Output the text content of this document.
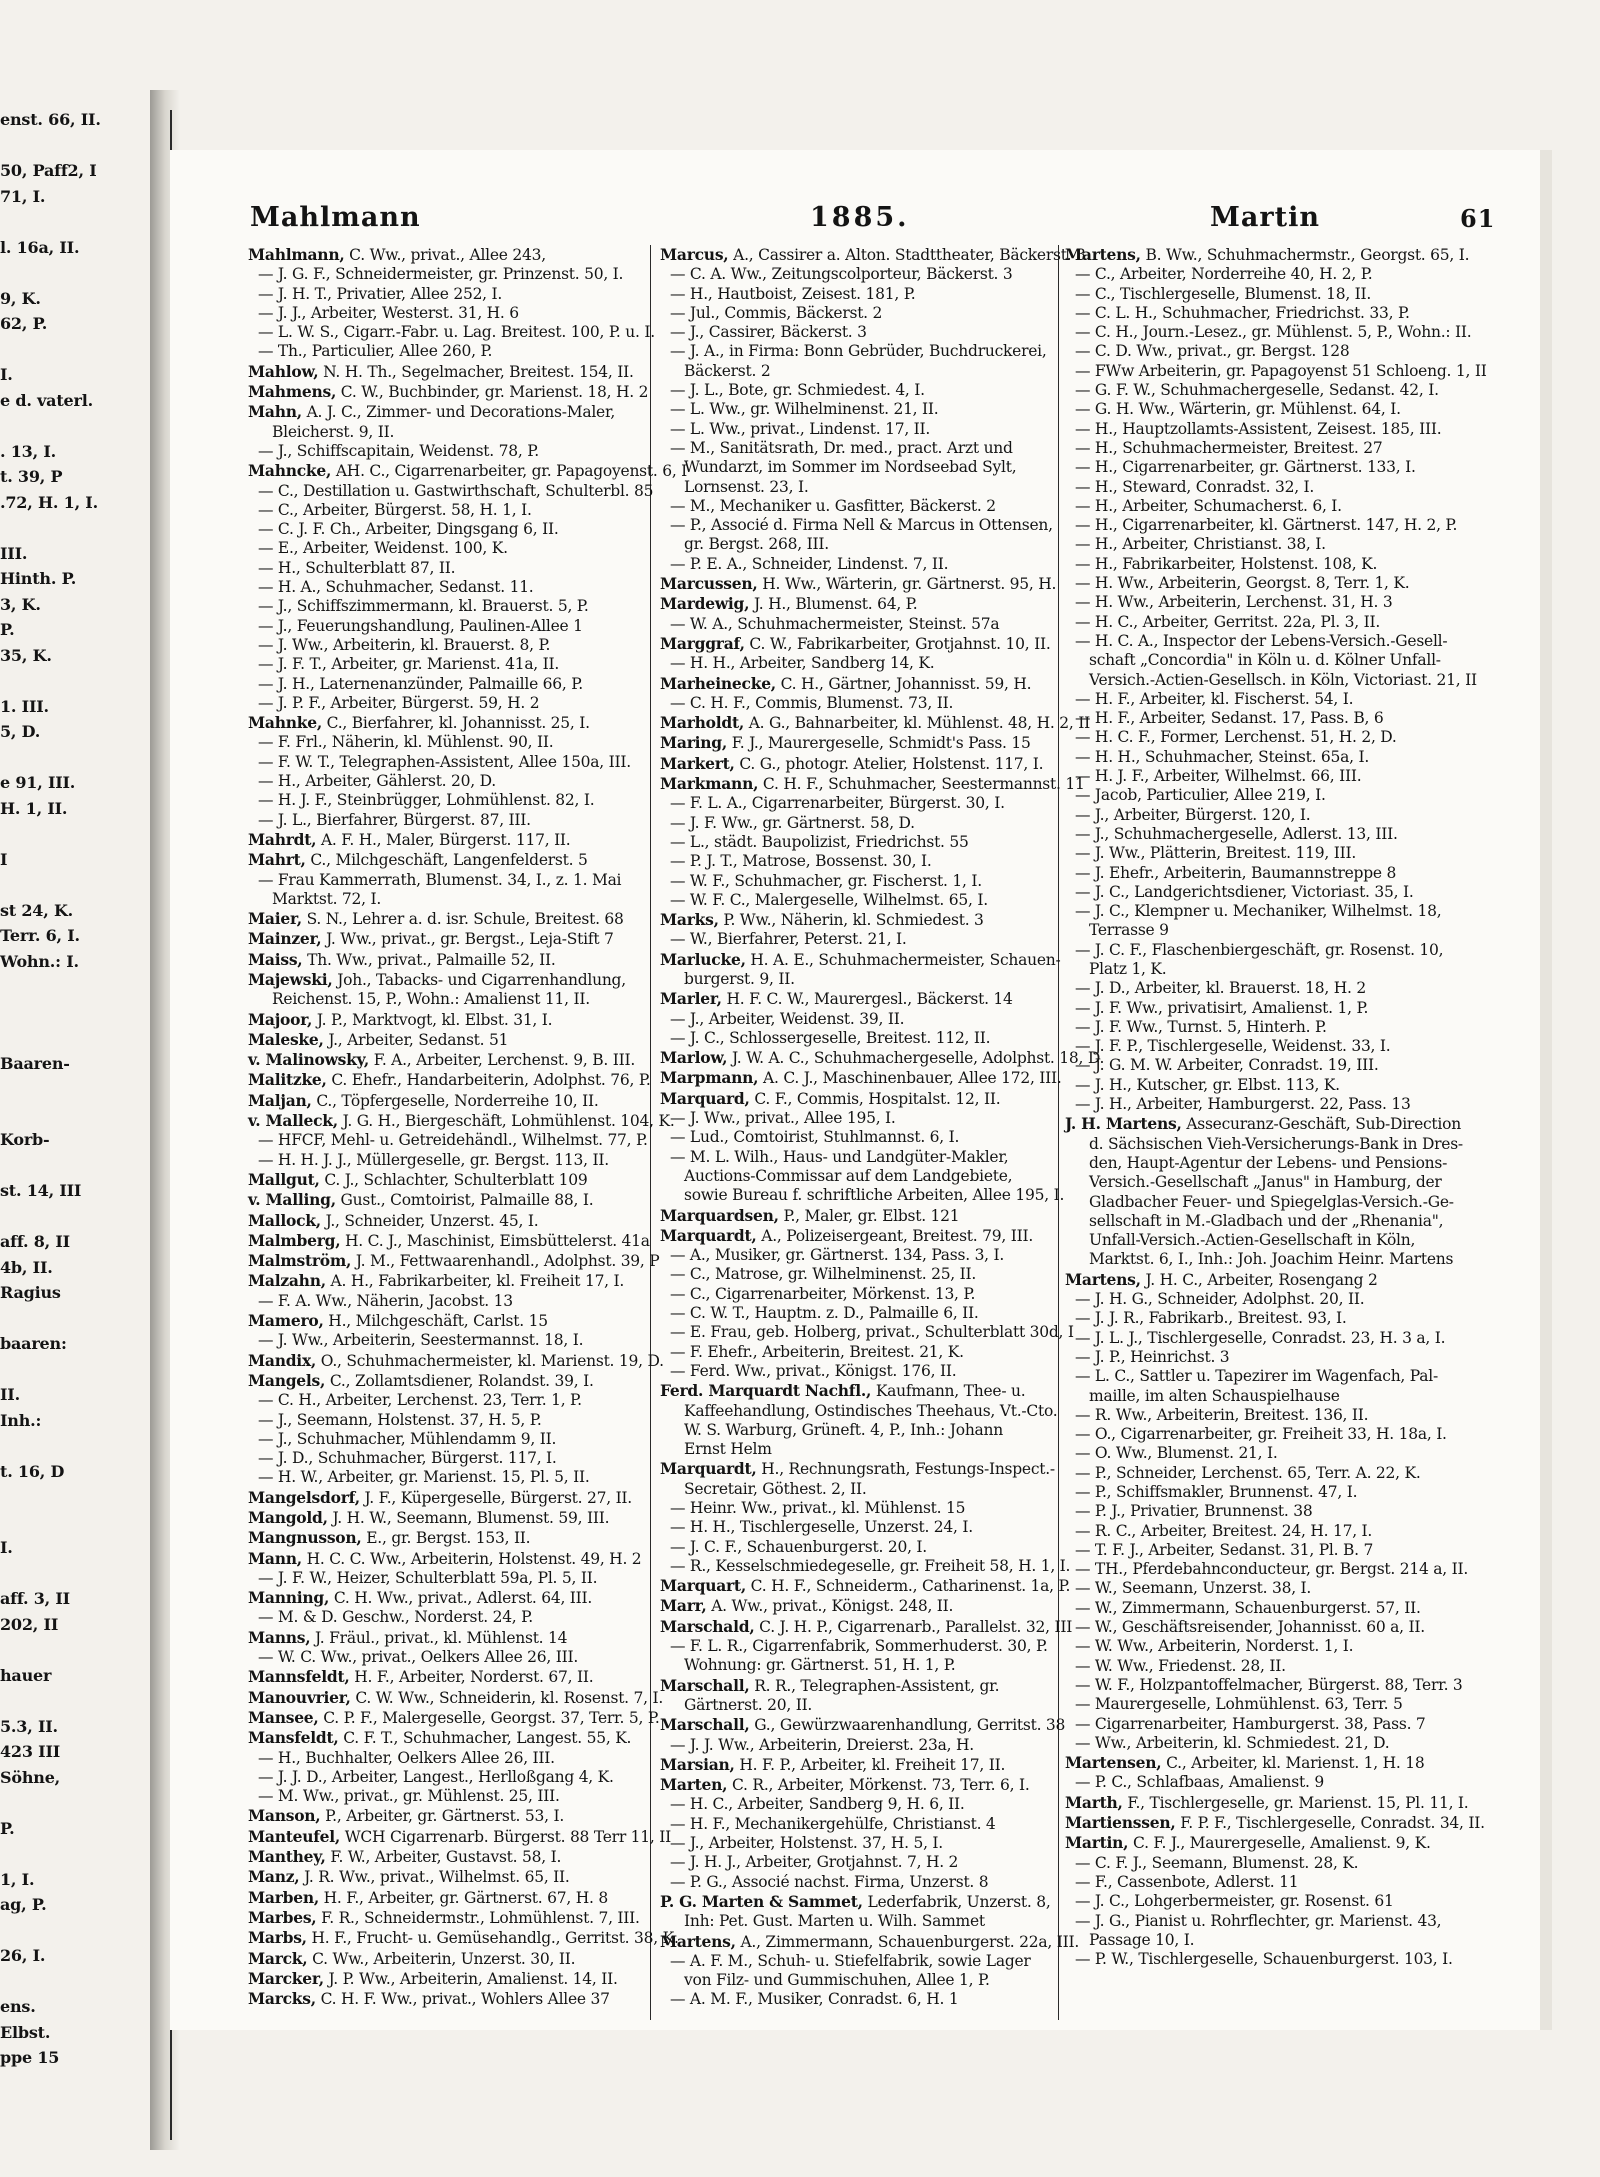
enst. 66, II.
50, Paff2, I
71, I.
l. 16a, II.
9, K.
62, P.
I.
e d. vaterl.
. 13, I.
t. 39, P
.72, H. 1, I.
III.
Hinth. P.
3, K.
P.
35, K.
1. III.
5, D.
e 91, III.
H. 1, II.
I
st 24, K.
Terr. 6, I.
Wohn.: I.
Baaren-
Korb-
st. 14, III
aff. 8, II
4b, II.
Ragius
baaren:
II.
Inh.:
t. 16, D
I.
aff. 3, II
202, II
hauer
5.3, II.
423 III
Söhne,
P.
1, I.
ag, P.
26, I.
ens.
Elbst.
ppe 15
Mahlmann	1885.	Martin	61

Mahlmann, C. Ww., privat., Allee 243,

— J. G. F., Schneidermeister, gr. Prinzenst. 50, I.

— J. H. T., Privatier, Allee 252, I.

— J. J., Arbeiter, Westerst. 31, H. 6

— L. W. S., Cigarr.-Fabr. u. Lag. Breitest. 100, P. u. I.

— Th., Particulier, Allee 260, P.

Mahlow, N. H. Th., Segelmacher, Breitest. 154, II.

Mahmens, C. W., Buchbinder, gr. Marienst. 18, H. 2

Mahn, A. J. C., Zimmer- und Decorations-Maler,

Bleicherst. 9, II.

— J., Schiffscapitain, Weidenst. 78, P.

Mahncke, AH. C., Cigarrenarbeiter, gr. Papagoyenst. 6, I

— C., Destillation u. Gastwirthschaft, Schulterbl. 85

— C., Arbeiter, Bürgerst. 58, H. 1, I.

— C. J. F. Ch., Arbeiter, Dingsgang 6, II.

— E., Arbeiter, Weidenst. 100, K.

— H., Schulterblatt 87, II.

— H. A., Schuhmacher, Sedanst. 11.

— J., Schiffszimmermann, kl. Brauerst. 5, P.

— J., Feuerungshandlung, Paulinen-Allee 1

— J. Ww., Arbeiterin, kl. Brauerst. 8, P.

— J. F. T., Arbeiter, gr. Marienst. 41a, II.

— J. H., Laternenanzünder, Palmaille 66, P.

— J. P. F., Arbeiter, Bürgerst. 59, H. 2

Mahnke, C., Bierfahrer, kl. Johannisst. 25, I.

— F. Frl., Näherin, kl. Mühlenst. 90, II.

— F. W. T., Telegraphen-Assistent, Allee 150a, III.

— H., Arbeiter, Gählerst. 20, D.

— H. J. F., Steinbrügger, Lohmühlenst. 82, I.

— J. L., Bierfahrer, Bürgerst. 87, III.

Mahrdt, A. F. H., Maler, Bürgerst. 117, II.

Mahrt, C., Milchgeschäft, Langenfelderst. 5

— Frau Kammerrath, Blumenst. 34, I., z. 1. Mai

Marktst. 72, I.

Maier, S. N., Lehrer a. d. isr. Schule, Breitest. 68

Mainzer, J. Ww., privat., gr. Bergst., Leja-Stift 7

Maiss, Th. Ww., privat., Palmaille 52, II.

Majewski, Joh., Tabacks- und Cigarrenhandlung,

Reichenst. 15, P., Wohn.: Amalienst 11, II.

Majoor, J. P., Marktvogt, kl. Elbst. 31, I.

Maleske, J., Arbeiter, Sedanst. 51

v. Malinowsky, F. A., Arbeiter, Lerchenst. 9, B. III.

Malitzke, C. Ehefr., Handarbeiterin, Adolphst. 76, P.

Maljan, C., Töpfergeselle, Norderreihe 10, II.

v. Malleck, J. G. H., Biergeschäft, Lohmühlenst. 104, K.

— HFCF, Mehl- u. Getreidehändl., Wilhelmst. 77, P.

— H. H. J. J., Müllergeselle, gr. Bergst. 113, II.

Mallgut, C. J., Schlachter, Schulterblatt 109

v. Malling, Gust., Comtoirist, Palmaille 88, I.

Mallock, J., Schneider, Unzerst. 45, I.

Malmberg, H. C. J., Maschinist, Eimsbüttelerst. 41a

Malmström, J. M., Fettwaarenhandl., Adolphst. 39, P

Malzahn, A. H., Fabrikarbeiter, kl. Freiheit 17, I.

— F. A. Ww., Näherin, Jacobst. 13

Mamero, H., Milchgeschäft, Carlst. 15

— J. Ww., Arbeiterin, Seestermannst. 18, I.

Mandix, O., Schuhmachermeister, kl. Marienst. 19, D.

Mangels, C., Zollamtsdiener, Rolandst. 39, I.

— C. H., Arbeiter, Lerchenst. 23, Terr. 1, P.

— J., Seemann, Holstenst. 37, H. 5, P.

— J., Schuhmacher, Mühlendamm 9, II.

— J. D., Schuhmacher, Bürgerst. 117, I.

— H. W., Arbeiter, gr. Marienst. 15, Pl. 5, II.

Mangelsdorf, J. F., Küpergeselle, Bürgerst. 27, II.

Mangold, J. H. W., Seemann, Blumenst. 59, III.

Mangnusson, E., gr. Bergst. 153, II.

Mann, H. C. C. Ww., Arbeiterin, Holstenst. 49, H. 2

— J. F. W., Heizer, Schulterblatt 59a, Pl. 5, II.

Manning, C. H. Ww., privat., Adlerst. 64, III.

— M. & D. Geschw., Norderst. 24, P.

Manns, J. Fräul., privat., kl. Mühlenst. 14

— W. C. Ww., privat., Oelkers Allee 26, III.

Mannsfeldt, H. F., Arbeiter, Norderst. 67, II.

Manouvrier, C. W. Ww., Schneiderin, kl. Rosenst. 7, I.

Mansee, C. P. F., Malergeselle, Georgst. 37, Terr. 5, P.

Mansfeldt, C. F. T., Schuhmacher, Langest. 55, K.

— H., Buchhalter, Oelkers Allee 26, III.

— J. J. D., Arbeiter, Langest., Herlloßgang 4, K.

— M. Ww., privat., gr. Mühlenst. 25, III.

Manson, P., Arbeiter, gr. Gärtnerst. 53, I.

Manteufel, WCH Cigarrenarb. Bürgerst. 88 Terr 11, II

Manthey, F. W., Arbeiter, Gustavst. 58, I.

Manz, J. R. Ww., privat., Wilhelmst. 65, II.

Marben, H. F., Arbeiter, gr. Gärtnerst. 67, H. 8

Marbes, F. R., Schneidermstr., Lohmühlenst. 7, III.

Marbs, H. F., Frucht- u. Gemüsehandlg., Gerritst. 38, K.

Marck, C. Ww., Arbeiterin, Unzerst. 30, II.

Marcker, J. P. Ww., Arbeiterin, Amalienst. 14, II.

Marcks, C. H. F. Ww., privat., Wohlers Allee 37

Marcus, A., Cassirer a. Alton. Stadttheater, Bäckerst. 3

— C. A. Ww., Zeitungscolporteur, Bäckerst. 3

— H., Hautboist, Zeisest. 181, P.

— Jul., Commis, Bäckerst. 2

— J., Cassirer, Bäckerst. 3

— J. A., in Firma: Bonn Gebrüder, Buchdruckerei,

Bäckerst. 2

— J. L., Bote, gr. Schmiedest. 4, I.

— L. Ww., gr. Wilhelminenst. 21, II.

— L. Ww., privat., Lindenst. 17, II.

— M., Sanitätsrath, Dr. med., pract. Arzt und

Wundarzt, im Sommer im Nordseebad Sylt,

Lornsenst. 23, I.

— M., Mechaniker u. Gasfitter, Bäckerst. 2

— P., Associé d. Firma Nell & Marcus in Ottensen,

gr. Bergst. 268, III.

— P. E. A., Schneider, Lindenst. 7, II.

Marcussen, H. Ww., Wärterin, gr. Gärtnerst. 95, H.

Mardewig, J. H., Blumenst. 64, P.

— W. A., Schuhmachermeister, Steinst. 57a

Marggraf, C. W., Fabrikarbeiter, Grotjahnst. 10, II.

— H. H., Arbeiter, Sandberg 14, K.

Marheinecke, C. H., Gärtner, Johannisst. 59, H.

— C. H. F., Commis, Blumenst. 73, II.

Marholdt, A. G., Bahnarbeiter, kl. Mühlenst. 48, H. 2, II

Maring, F. J., Maurergeselle, Schmidt's Pass. 15

Markert, C. G., photogr. Atelier, Holstenst. 117, I.

Markmann, C. H. F., Schuhmacher, Seestermannst. 11

— F. L. A., Cigarrenarbeiter, Bürgerst. 30, I.

— J. F. Ww., gr. Gärtnerst. 58, D.

— L., städt. Baupolizist, Friedrichst. 55

— P. J. T., Matrose, Bossenst. 30, I.

— W. F., Schuhmacher, gr. Fischerst. 1, I.

— W. F. C., Malergeselle, Wilhelmst. 65, I.

Marks, P. Ww., Näherin, kl. Schmiedest. 3

— W., Bierfahrer, Peterst. 21, I.

Marlucke, H. A. E., Schuhmachermeister, Schauen-

burgerst. 9, II.

Marler, H. F. C. W., Maurergesl., Bäckerst. 14

— J., Arbeiter, Weidenst. 39, II.

— J. C., Schlossergeselle, Breitest. 112, II.

Marlow, J. W. A. C., Schuhmachergeselle, Adolphst. 18, D.

Marpmann, A. C. J., Maschinenbauer, Allee 172, III.

Marquard, C. F., Commis, Hospitalst. 12, II.

— J. Ww., privat., Allee 195, I.

— Lud., Comtoirist, Stuhlmannst. 6, I.

— M. L. Wilh., Haus- und Landgüter-Makler,

Auctions-Commissar auf dem Landgebiete,

sowie Bureau f. schriftliche Arbeiten, Allee 195, I.

Marquardsen, P., Maler, gr. Elbst. 121

Marquardt, A., Polizeisergeant, Breitest. 79, III.

— A., Musiker, gr. Gärtnerst. 134, Pass. 3, I.

— C., Matrose, gr. Wilhelminenst. 25, II.

— C., Cigarrenarbeiter, Mörkenst. 13, P.

— C. W. T., Hauptm. z. D., Palmaille 6, II.

— E. Frau, geb. Holberg, privat., Schulterblatt 30d, I

— F. Ehefr., Arbeiterin, Breitest. 21, K.

— Ferd. Ww., privat., Königst. 176, II.

Ferd. Marquardt Nachfl., Kaufmann, Thee- u.

Kaffeehandlung, Ostindisches Theehaus, Vt.-Cto.

W. S. Warburg, Grüneft. 4, P., Inh.: Johann

Ernst Helm

Marquardt, H., Rechnungsrath, Festungs-Inspect.-

Secretair, Göthest. 2, II.

— Heinr. Ww., privat., kl. Mühlenst. 15

— H. H., Tischlergeselle, Unzerst. 24, I.

— J. C. F., Schauenburgerst. 20, I.

— R., Kesselschmiedegeselle, gr. Freiheit 58, H. 1, I.

Marquart, C. H. F., Schneiderm., Catharinenst. 1a, P.

Marr, A. Ww., privat., Königst. 248, II.

Marschald, C. J. H. P., Cigarrenarb., Parallelst. 32, III

— F. L. R., Cigarrenfabrik, Sommerhuderst. 30, P.

Wohnung: gr. Gärtnerst. 51, H. 1, P.

Marschall, R. R., Telegraphen-Assistent, gr.

Gärtnerst. 20, II.

Marschall, G., Gewürzwaarenhandlung, Gerritst. 38

— J. J. Ww., Arbeiterin, Dreierst. 23a, H.

Marsian, H. F. P., Arbeiter, kl. Freiheit 17, II.

Marten, C. R., Arbeiter, Mörkenst. 73, Terr. 6, I.

— H. C., Arbeiter, Sandberg 9, H. 6, II.

— H. F., Mechanikergehülfe, Christianst. 4

— J., Arbeiter, Holstenst. 37, H. 5, I.

— J. H. J., Arbeiter, Grotjahnst. 7, H. 2

— P. G., Associé nachst. Firma, Unzerst. 8

P. G. Marten & Sammet, Lederfabrik, Unzerst. 8,

Inh: Pet. Gust. Marten u. Wilh. Sammet

Martens, A., Zimmermann, Schauenburgerst. 22a, III.

— A. F. M., Schuh- u. Stiefelfabrik, sowie Lager

von Filz- und Gummischuhen, Allee 1, P.

— A. M. F., Musiker, Conradst. 6, H. 1

Martens, B. Ww., Schuhmachermstr., Georgst. 65, I.

— C., Arbeiter, Norderreihe 40, H. 2, P.

— C., Tischlergeselle, Blumenst. 18, II.

— C. L. H., Schuhmacher, Friedrichst. 33, P.

— C. H., Journ.-Lesez., gr. Mühlenst. 5, P., Wohn.: II.

— C. D. Ww., privat., gr. Bergst. 128

— FWw Arbeiterin, gr. Papagoyenst 51 Schloeng. 1, II

— G. F. W., Schuhmachergeselle, Sedanst. 42, I.

— G. H. Ww., Wärterin, gr. Mühlenst. 64, I.

— H., Hauptzollamts-Assistent, Zeisest. 185, III.

— H., Schuhmachermeister, Breitest. 27

— H., Cigarrenarbeiter, gr. Gärtnerst. 133, I.

— H., Steward, Conradst. 32, I.

— H., Arbeiter, Schumacherst. 6, I.

— H., Cigarrenarbeiter, kl. Gärtnerst. 147, H. 2, P.

— H., Arbeiter, Christianst. 38, I.

— H., Fabrikarbeiter, Holstenst. 108, K.

— H. Ww., Arbeiterin, Georgst. 8, Terr. 1, K.

— H. Ww., Arbeiterin, Lerchenst. 31, H. 3

— H. C., Arbeiter, Gerritst. 22a, Pl. 3, II.

— H. C. A., Inspector der Lebens-Versich.-Gesell-

schaft „Concordia" in Köln u. d. Kölner Unfall-

Versich.-Actien-Gesellsch. in Köln, Victoriast. 21, II

— H. F., Arbeiter, kl. Fischerst. 54, I.

— H. F., Arbeiter, Sedanst. 17, Pass. B, 6

— H. C. F., Former, Lerchenst. 51, H. 2, D.

— H. H., Schuhmacher, Steinst. 65a, I.

— H. J. F., Arbeiter, Wilhelmst. 66, III.

— Jacob, Particulier, Allee 219, I.

— J., Arbeiter, Bürgerst. 120, I.

— J., Schuhmachergeselle, Adlerst. 13, III.

— J. Ww., Plätterin, Breitest. 119, III.

— J. Ehefr., Arbeiterin, Baumannstreppe 8

— J. C., Landgerichtsdiener, Victoriast. 35, I.

— J. C., Klempner u. Mechaniker, Wilhelmst. 18,

Terrasse 9

— J. C. F., Flaschenbiergeschäft, gr. Rosenst. 10,

Platz 1, K.

— J. D., Arbeiter, kl. Brauerst. 18, H. 2

— J. F. Ww., privatisirt, Amalienst. 1, P.

— J. F. Ww., Turnst. 5, Hinterh. P.

— J. F. P., Tischlergeselle, Weidenst. 33, I.

— J. G. M. W. Arbeiter, Conradst. 19, III.

— J. H., Kutscher, gr. Elbst. 113, K.

— J. H., Arbeiter, Hamburgerst. 22, Pass. 13

J. H. Martens, Assecuranz-Geschäft, Sub-Direction

d. Sächsischen Vieh-Versicherungs-Bank in Dres-

den, Haupt-Agentur der Lebens- und Pensions-

Versich.-Gesellschaft „Janus" in Hamburg, der

Gladbacher Feuer- und Spiegelglas-Versich.-Ge-

sellschaft in M.-Gladbach und der „Rhenania",

Unfall-Versich.-Actien-Gesellschaft in Köln,

Marktst. 6, I., Inh.: Joh. Joachim Heinr. Martens

Martens, J. H. C., Arbeiter, Rosengang 2

— J. H. G., Schneider, Adolphst. 20, II.

— J. J. R., Fabrikarb., Breitest. 93, I.

— J. L. J., Tischlergeselle, Conradst. 23, H. 3 a, I.

— J. P., Heinrichst. 3

— L. C., Sattler u. Tapezirer im Wagenfach, Pal-

maille, im alten Schauspielhause

— R. Ww., Arbeiterin, Breitest. 136, II.

— O., Cigarrenarbeiter, gr. Freiheit 33, H. 18a, I.

— O. Ww., Blumenst. 21, I.

— P., Schneider, Lerchenst. 65, Terr. A. 22, K.

— P., Schiffsmakler, Brunnenst. 47, I.

— P. J., Privatier, Brunnenst. 38

— R. C., Arbeiter, Breitest. 24, H. 17, I.

— T. F. J., Arbeiter, Sedanst. 31, Pl. B. 7

— TH., Pferdebahnconducteur, gr. Bergst. 214 a, II.

— W., Seemann, Unzerst. 38, I.

— W., Zimmermann, Schauenburgerst. 57, II.

— W., Geschäftsreisender, Johannisst. 60 a, II.

— W. Ww., Arbeiterin, Norderst. 1, I.

— W. Ww., Friedenst. 28, II.

— W. F., Holzpantoffelmacher, Bürgerst. 88, Terr. 3

— Maurergeselle, Lohmühlenst. 63, Terr. 5

— Cigarrenarbeiter, Hamburgerst. 38, Pass. 7

— Ww., Arbeiterin, kl. Schmiedest. 21, D.

Martensen, C., Arbeiter, kl. Marienst. 1, H. 18

— P. C., Schlafbaas, Amalienst. 9

Marth, F., Tischlergeselle, gr. Marienst. 15, Pl. 11, I.

Martienssen, F. P. F., Tischlergeselle, Conradst. 34, II.

Martin, C. F. J., Maurergeselle, Amalienst. 9, K.

— C. F. J., Seemann, Blumenst. 28, K.

— F., Cassenbote, Adlerst. 11

— J. C., Lohgerbermeister, gr. Rosenst. 61

— J. G., Pianist u. Rohrflechter, gr. Marienst. 43,

Passage 10, I.

— P. W., Tischlergeselle, Schauenburgerst. 103, I.
